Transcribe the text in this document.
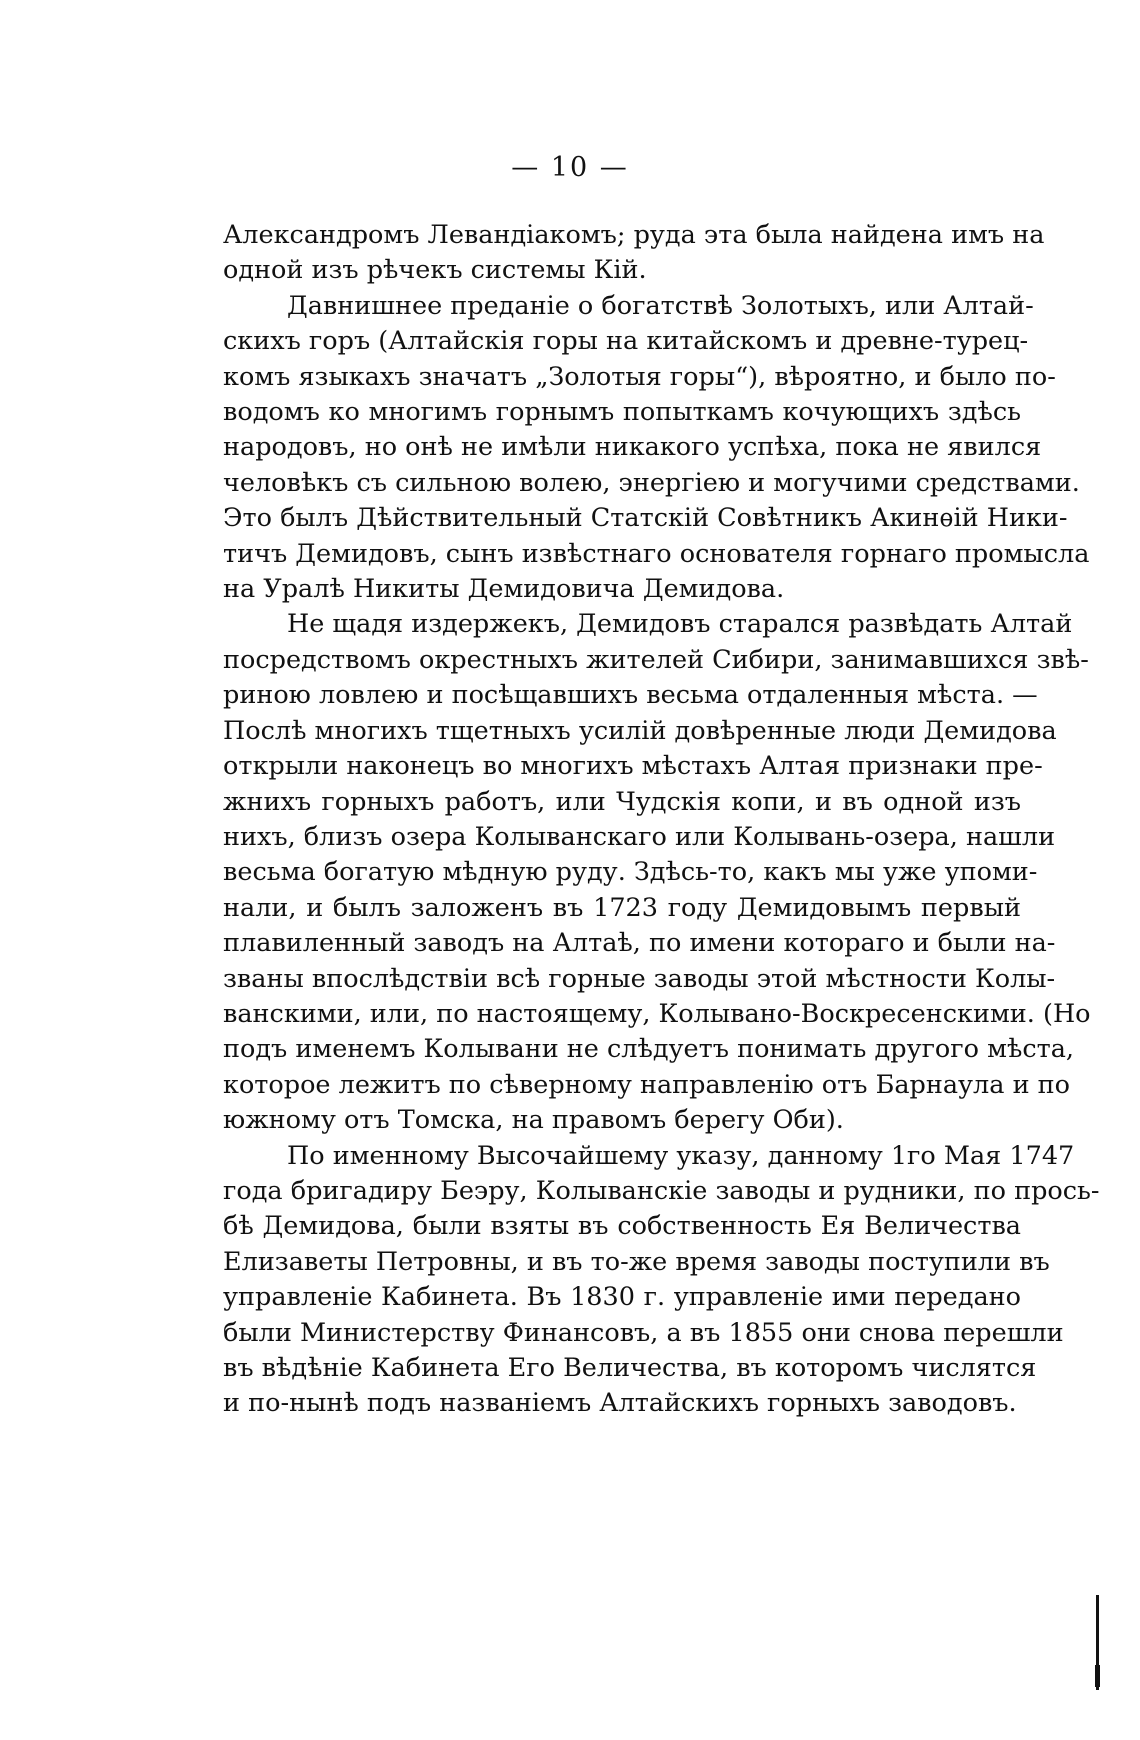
— 10 —

Александромъ Левандіакомъ; руда эта была найдена имъ на
одной изъ рѣчекъ системы Кій.

Давнишнее преданіе о богатствѣ Золотыхъ, или Алтай-
скихъ горъ (Алтайскія горы на китайскомъ и древне-турец-
комъ языкахъ значатъ „Золотыя горы“), вѣроятно, и было по-
водомъ ко многимъ горнымъ попыткамъ кочующихъ здѣсь
народовъ, но онѣ не имѣли никакого успѣха, пока не явился
человѣкъ съ сильною волею, энергіею и могучими средствами.
Это былъ Дѣйствительный Статскій Совѣтникъ Акинѳій Ники-
тичъ Демидовъ, сынъ извѣстнаго основателя горнаго промысла
на Уралѣ Никиты Демидовича Демидова.

Не щадя издержекъ, Демидовъ старался развѣдать Алтай
посредствомъ окрестныхъ жителей Сибири, занимавшихся звѣ-
риною ловлею и посѣщавшихъ весьма отдаленныя мѣста. —
Послѣ многихъ тщетныхъ усилій довѣренные люди Демидова
открыли наконецъ во многихъ мѣстахъ Алтая признаки пре-
жнихъ горныхъ работъ, или Чудскія копи, и въ одной изъ
нихъ, близъ озера Колыванскаго или Колывань-озера, нашли
весьма богатую мѣдную руду. Здѣсь-то, какъ мы уже упоми-
нали, и былъ заложенъ въ 1723 году Демидовымъ первый
плавиленный заводъ на Алтаѣ, по имени котораго и были на-
званы впослѣдствіи всѣ горные заводы этой мѣстности Колы-
ванскими, или, по настоящему, Колывано-Воскресенскими. (Но
подъ именемъ Колывани не слѣдуетъ понимать другого мѣста,
которое лежитъ по сѣверному направленію отъ Барнаула и по
южному отъ Томска, на правомъ берегу Оби).

По именному Высочайшему указу, данному 1го Мая 1747
года бригадиру Беэру, Колыванскіе заводы и рудники, по прось-
бѣ Демидова, были взяты въ собственность Ея Величества
Елизаветы Петровны, и въ то-же время заводы поступили въ
управленіе Кабинета. Въ 1830 г. управленіе ими передано
были Министерству Финансовъ, а въ 1855 они снова перешли
въ вѣдѣніе Кабинета Его Величества, въ которомъ числятся
и по-нынѣ подъ названіемъ Алтайскихъ горныхъ заводовъ.
